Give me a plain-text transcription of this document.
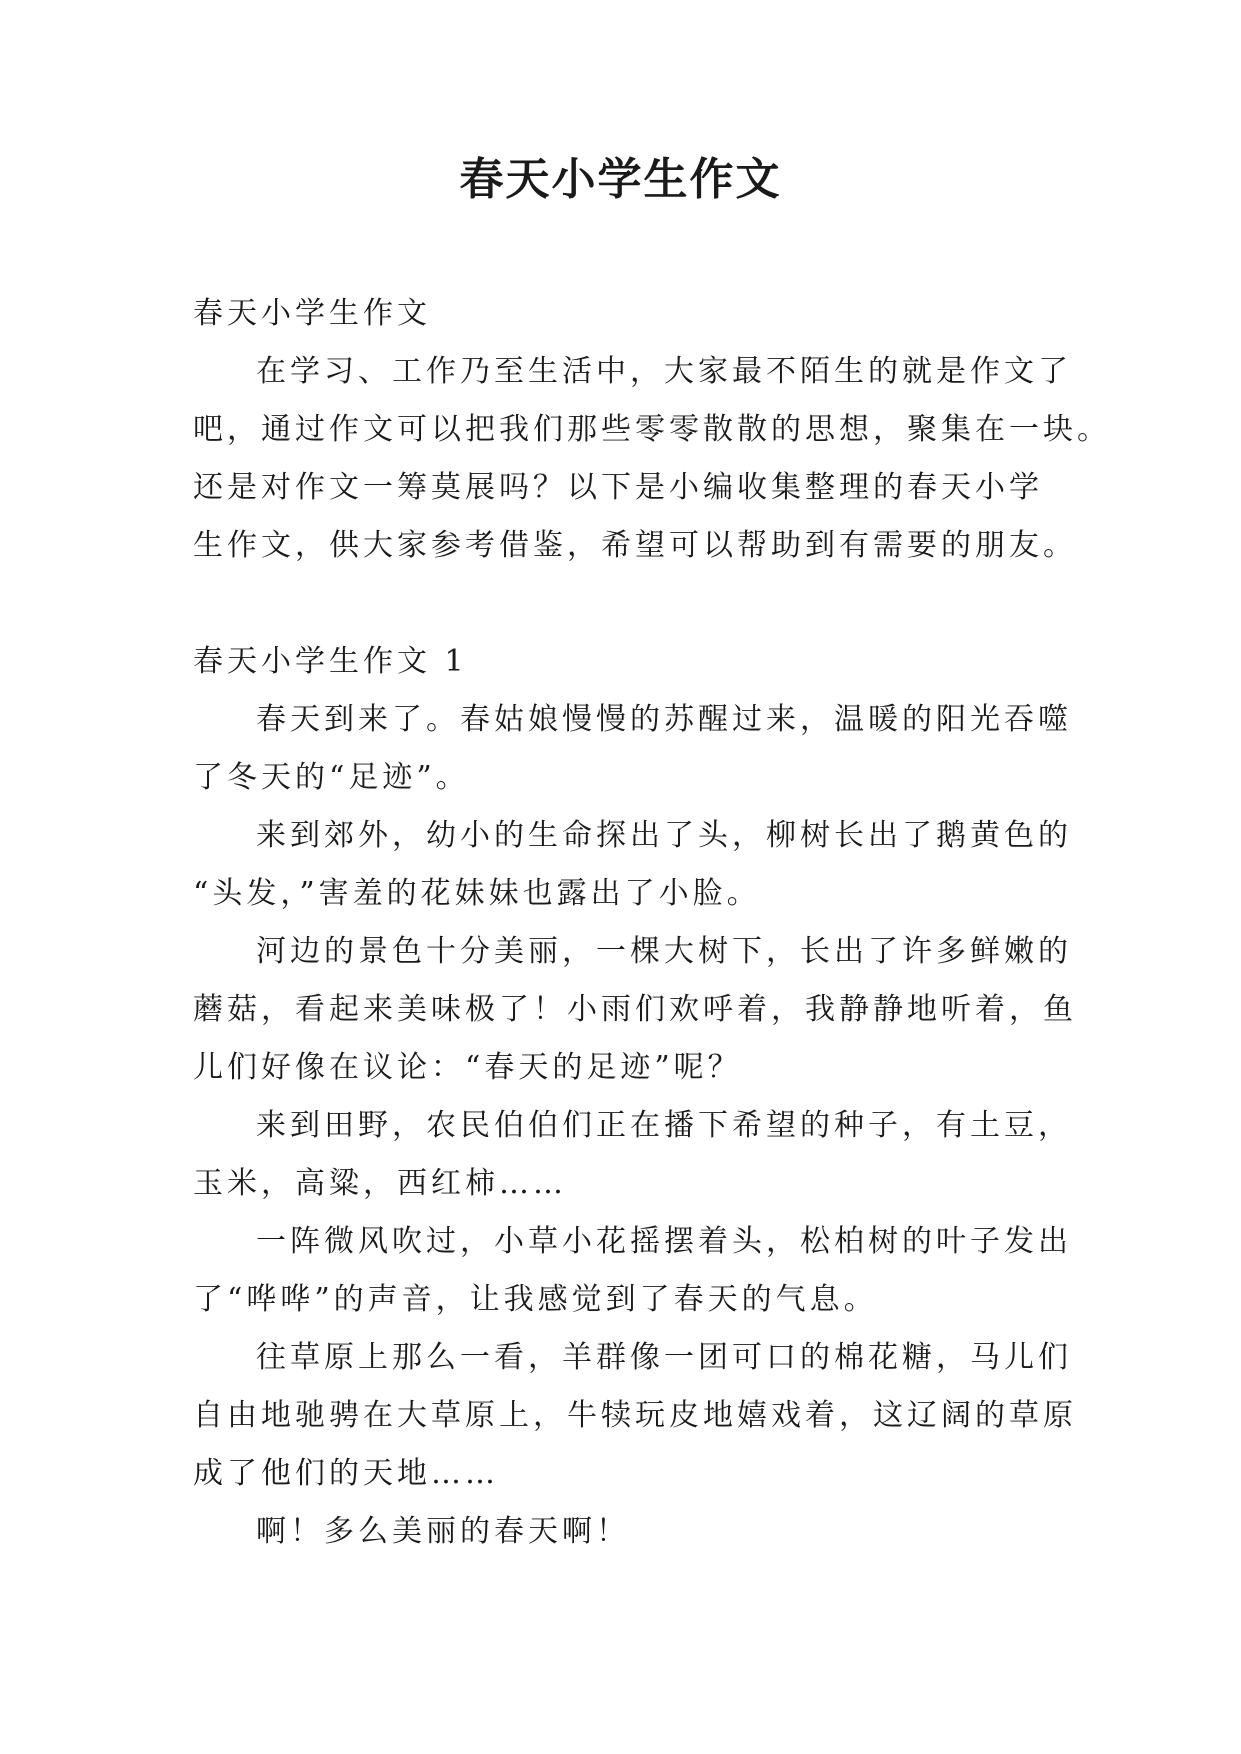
春天小学生作文

春天小学生作文

在学习、工作乃至生活中，大家最不陌生的就是作文了

吧，通过作文可以把我们那些零零散散的思想，聚集在一块。

还是对作文一筹莫展吗？以下是小编收集整理的春天小学

生作文，供大家参考借鉴，希望可以帮助到有需要的朋友。

春天小学生作文 1

春天到来了。春姑娘慢慢的苏醒过来，温暖的阳光吞噬

了冬天的“足迹”。

来到郊外，幼小的生命探出了头，柳树长出了鹅黄色的

“头发，”害羞的花妹妹也露出了小脸。

河边的景色十分美丽，一棵大树下，长出了许多鲜嫩的

蘑菇，看起来美味极了！小雨们欢呼着，我静静地听着，鱼

儿们好像在议论：“春天的足迹”呢？

来到田野，农民伯伯们正在播下希望的种子，有土豆，

玉米，高粱，西红柿……

一阵微风吹过，小草小花摇摆着头，松柏树的叶子发出

了“哗哗”的声音，让我感觉到了春天的气息。

往草原上那么一看，羊群像一团可口的棉花糖，马儿们

自由地驰骋在大草原上，牛犊玩皮地嬉戏着，这辽阔的草原

成了他们的天地……

啊！多么美丽的春天啊！
